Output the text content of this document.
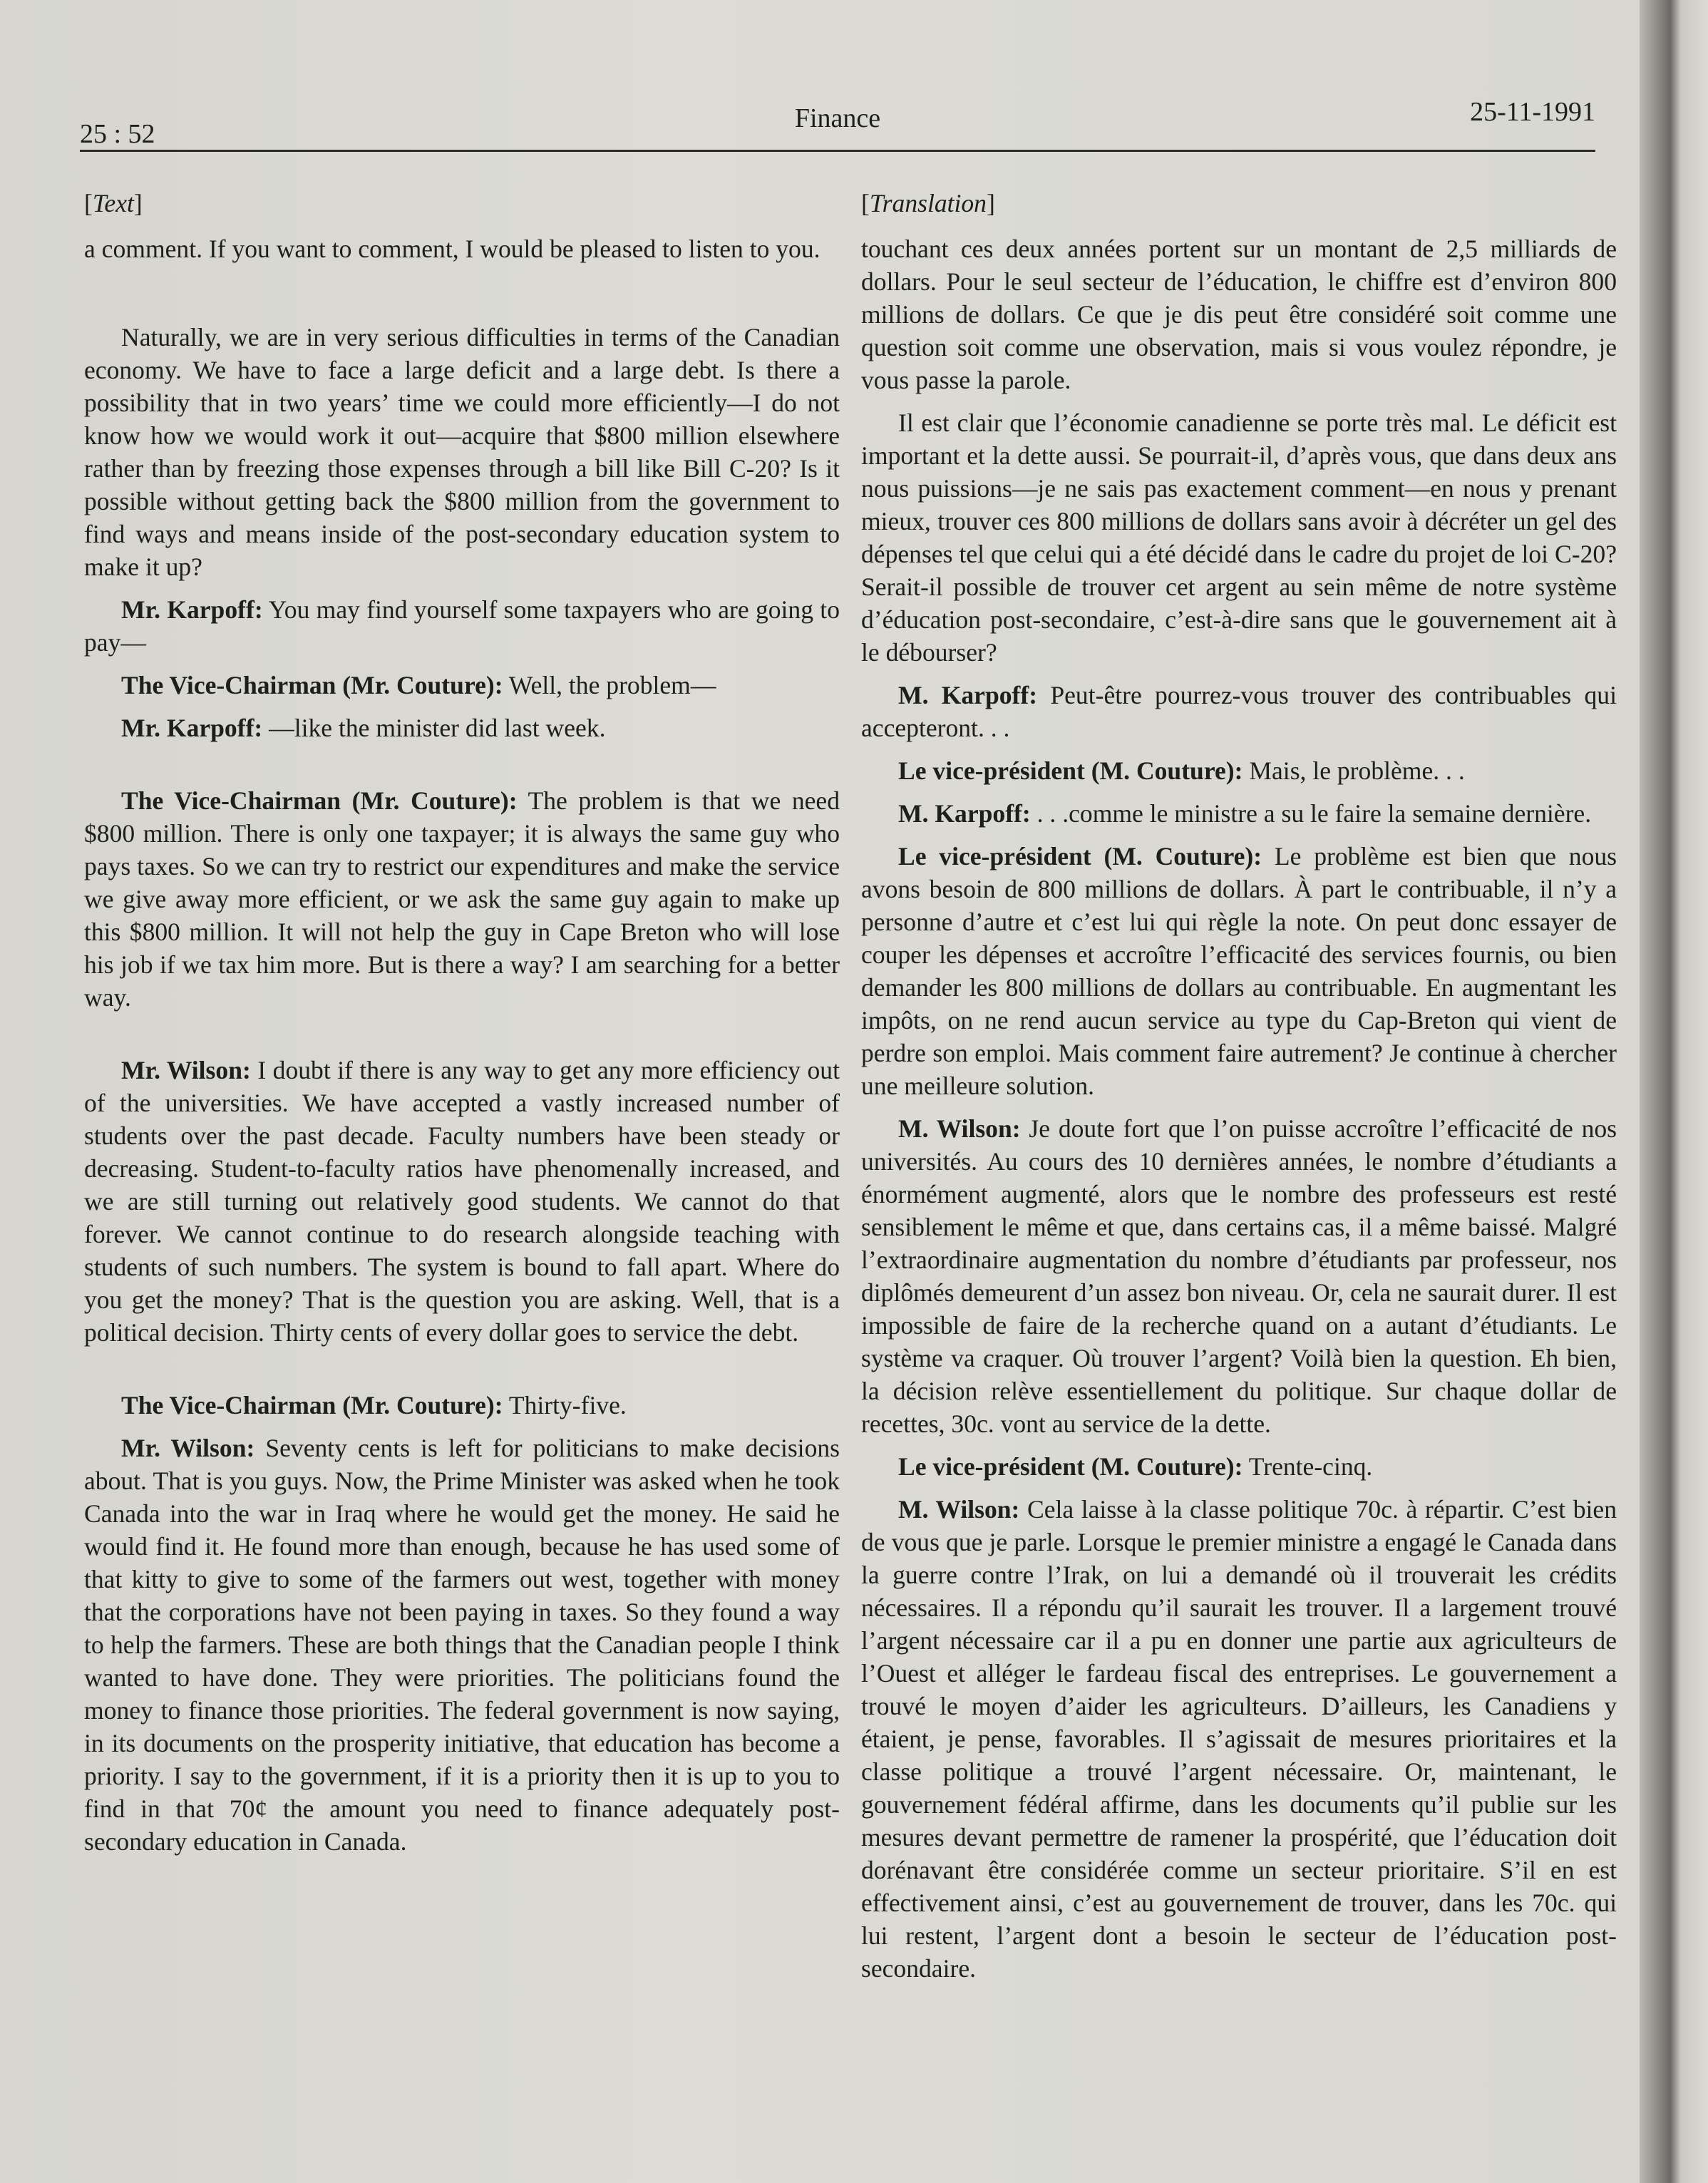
25 : 52
Finance	25-11-1991
[Text]

a comment. If you want to comment, I would be pleased to listen to you.

Naturally, we are in very serious difficulties in terms of the Canadian economy. We have to face a large deficit and a large debt. Is there a possibility that in two years’ time we could more efficiently—I do not know how we would work it out—acquire that $800 million elsewhere rather than by freezing those expenses through a bill like Bill C-20? Is it possible without getting back the $800 million from the government to find ways and means inside of the post-secondary education system to make it up?

Mr. Karpoff: You may find yourself some taxpayers who are going to pay—

The Vice-Chairman (Mr. Couture): Well, the problem—

Mr. Karpoff: —like the minister did last week.

The Vice-Chairman (Mr. Couture): The problem is that we need $800 million. There is only one taxpayer; it is always the same guy who pays taxes. So we can try to restrict our expenditures and make the service we give away more efficient, or we ask the same guy again to make up this $800 million. It will not help the guy in Cape Breton who will lose his job if we tax him more. But is there a way? I am searching for a better way.

Mr. Wilson: I doubt if there is any way to get any more efficiency out of the universities. We have accepted a vastly increased number of students over the past decade. Faculty numbers have been steady or decreasing. Student-to-faculty ratios have phenomenally increased, and we are still turning out relatively good students. We cannot do that forever. We cannot continue to do research alongside teaching with students of such numbers. The system is bound to fall apart. Where do you get the money? That is the question you are asking. Well, that is a political decision. Thirty cents of every dollar goes to service the debt.

The Vice-Chairman (Mr. Couture): Thirty-five.

Mr. Wilson: Seventy cents is left for politicians to make decisions about. That is you guys. Now, the Prime Minister was asked when he took Canada into the war in Iraq where he would get the money. He said he would find it. He found more than enough, because he has used some of that kitty to give to some of the farmers out west, together with money that the corporations have not been paying in taxes. So they found a way to help the farmers. These are both things that the Canadian people I think wanted to have done. They were priorities. The politicians found the money to finance those priorities. The federal government is now saying, in its documents on the prosperity initiative, that education has become a priority. I say to the government, if it is a priority then it is up to you to find in that 70¢ the amount you need to finance adequately post-secondary education in Canada.

[Translation]

touchant ces deux années portent sur un montant de 2,5 milliards de dollars. Pour le seul secteur de l’éducation, le chiffre est d’environ 800 millions de dollars. Ce que je dis peut être considéré soit comme une question soit comme une observation, mais si vous voulez répondre, je vous passe la parole.

Il est clair que l’économie canadienne se porte très mal. Le déficit est important et la dette aussi. Se pourrait-il, d’après vous, que dans deux ans nous puissions—je ne sais pas exactement comment—en nous y prenant mieux, trouver ces 800 millions de dollars sans avoir à décréter un gel des dépenses tel que celui qui a été décidé dans le cadre du projet de loi C-20? Serait-il possible de trouver cet argent au sein même de notre système d’éducation post-secondaire, c’est-à-dire sans que le gouvernement ait à le débourser?

M. Karpoff: Peut-être pourrez-vous trouver des contribuables qui accepteront. . .

Le vice-président (M. Couture): Mais, le problème. . .

M. Karpoff: . . .comme le ministre a su le faire la semaine dernière.

Le vice-président (M. Couture): Le problème est bien que nous avons besoin de 800 millions de dollars. À part le contribuable, il n’y a personne d’autre et c’est lui qui règle la note. On peut donc essayer de couper les dépenses et accroître l’efficacité des services fournis, ou bien demander les 800 millions de dollars au contribuable. En augmentant les impôts, on ne rend aucun service au type du Cap-Breton qui vient de perdre son emploi. Mais comment faire autrement? Je continue à chercher une meilleure solution.

M. Wilson: Je doute fort que l’on puisse accroître l’efficacité de nos universités. Au cours des 10 dernières années, le nombre d’étudiants a énormément augmenté, alors que le nombre des professeurs est resté sensiblement le même et que, dans certains cas, il a même baissé. Malgré l’extraordinaire augmentation du nombre d’étudiants par professeur, nos diplômés demeurent d’un assez bon niveau. Or, cela ne saurait durer. Il est impossible de faire de la recherche quand on a autant d’étudiants. Le système va craquer. Où trouver l’argent? Voilà bien la question. Eh bien, la décision relève essentiellement du politique. Sur chaque dollar de recettes, 30c. vont au service de la dette.

Le vice-président (M. Couture): Trente-cinq.

M. Wilson: Cela laisse à la classe politique 70c. à répartir. C’est bien de vous que je parle. Lorsque le premier ministre a engagé le Canada dans la guerre contre l’Irak, on lui a demandé où il trouverait les crédits nécessaires. Il a répondu qu’il saurait les trouver. Il a largement trouvé l’argent nécessaire car il a pu en donner une partie aux agriculteurs de l’Ouest et alléger le fardeau fiscal des entreprises. Le gouvernement a trouvé le moyen d’aider les agriculteurs. D’ailleurs, les Canadiens y étaient, je pense, favorables. Il s’agissait de mesures prioritaires et la classe politique a trouvé l’argent nécessaire. Or, maintenant, le gouvernement fédéral affirme, dans les documents qu’il publie sur les mesures devant permettre de ramener la prospérité, que l’éducation doit dorénavant être considérée comme un secteur prioritaire. S’il en est effectivement ainsi, c’est au gouvernement de trouver, dans les 70c. qui lui restent, l’argent dont a besoin le secteur de l’éducation post-secondaire.
